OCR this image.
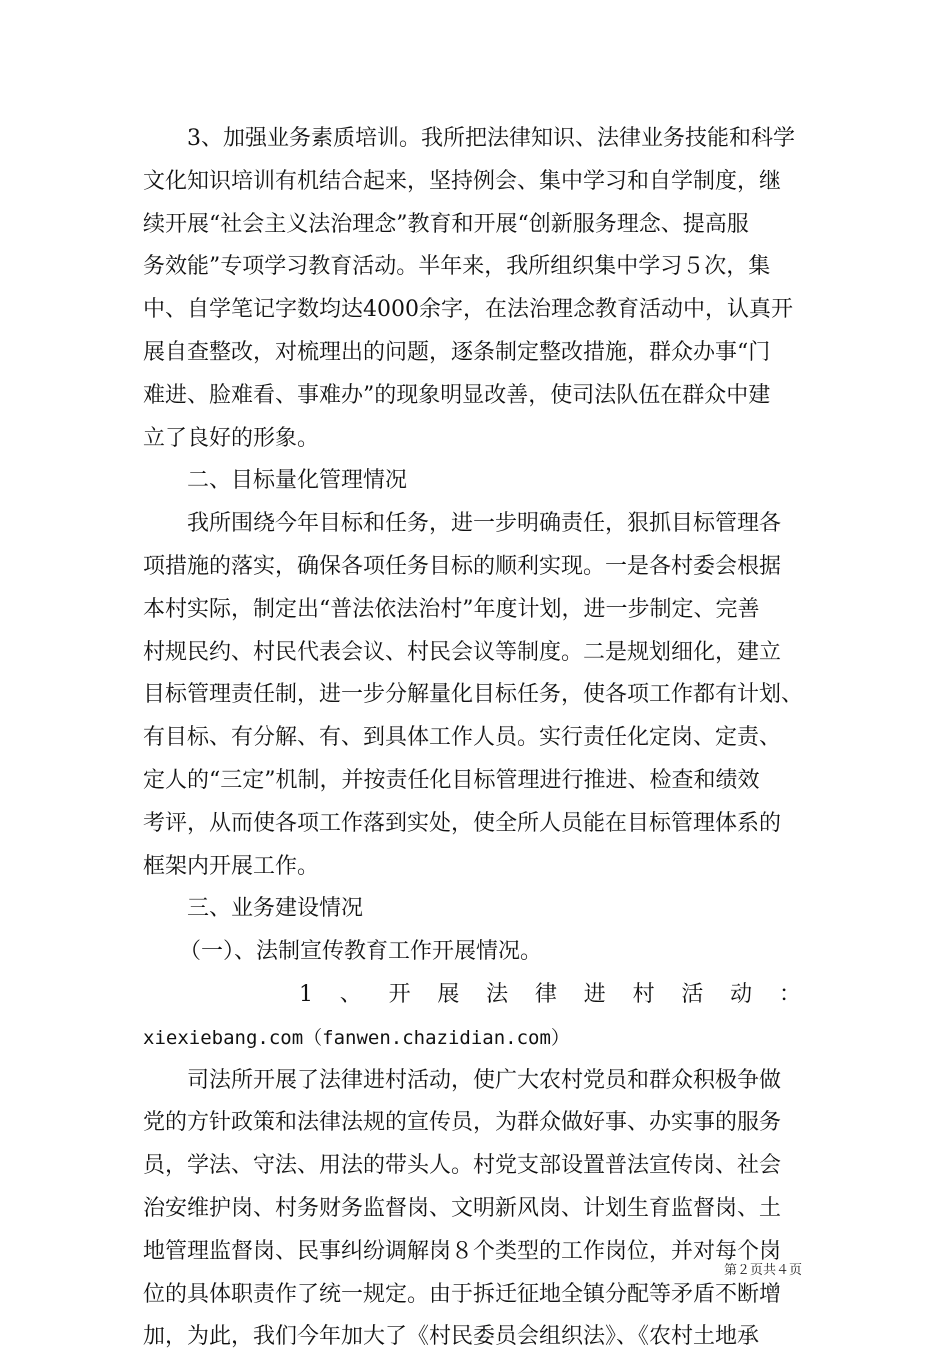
3、加强业务素质培训。我所把法律知识、法律业务技能和科学
文化知识培训有机结合起来，坚持例会、集中学习和自学制度，继
续开展“社会主义法治理念”教育和开展“创新服务理念、提高服
务效能”专项学习教育活动。半年来，我所组织集中学习５次，集
中、自学笔记字数均达4000余字，在法治理念教育活动中，认真开
展自查整改，对梳理出的问题，逐条制定整改措施，群众办事“门
难进、脸难看、事难办”的现象明显改善，使司法队伍在群众中建
立了良好的形象。
二、目标量化管理情况
我所围绕今年目标和任务，进一步明确责任，狠抓目标管理各
项措施的落实，确保各项任务目标的顺利实现。一是各村委会根据
本村实际，制定出“普法依法治村”年度计划，进一步制定、完善
村规民约、村民代表会议、村民会议等制度。二是规划细化，建立
目标管理责任制，进一步分解量化目标任务，使各项工作都有计划、
有目标、有分解、有、到具体工作人员。实行责任化定岗、定责、
定人的“三定”机制，并按责任化目标管理进行推进、检查和绩效
考评，从而使各项工作落到实处，使全所人员能在目标管理体系的
框架内开展工作。
三、业务建设情况
（一）、法制宣传教育工作开展情况。
1 、 开 展 法 律 进 村 活 动 ：
xiexiebang.com（fanwen.chazidian.com）
司法所开展了法律进村活动，使广大农村党员和群众积极争做
党的方针政策和法律法规的宣传员，为群众做好事、办实事的服务
员，学法、守法、用法的带头人。村党支部设置普法宣传岗、社会
治安维护岗、村务财务监督岗、文明新风岗、计划生育监督岗、土
地管理监督岗、民事纠纷调解岗８个类型的工作岗位，并对每个岗
位的具体职责作了统一规定。由于拆迁征地全镇分配等矛盾不断增
加，为此，我们今年加大了《村民委员会组织法》、《农村土地承
第２页共４页
